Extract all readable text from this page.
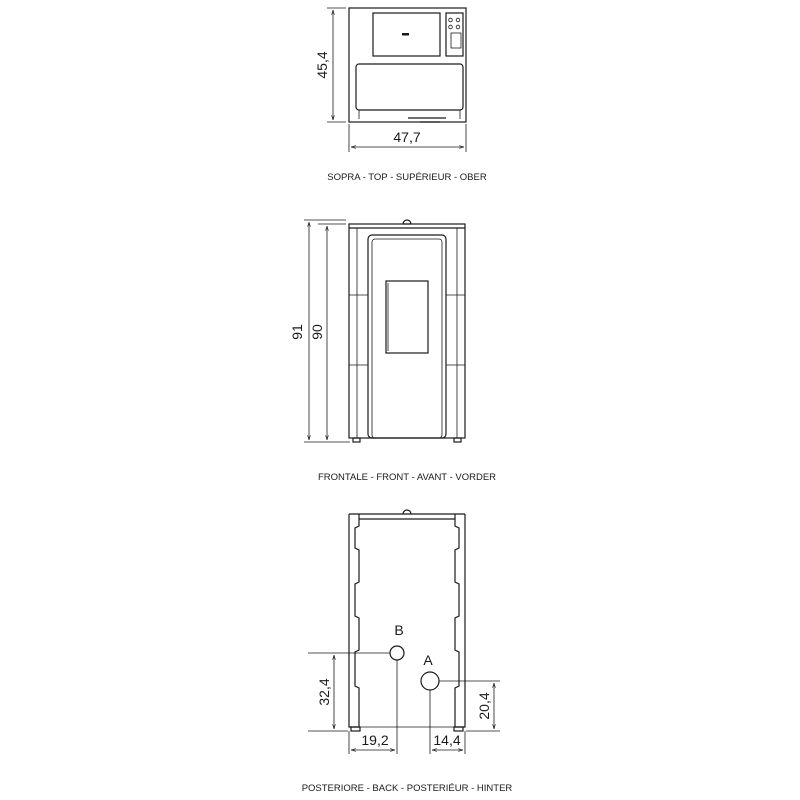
45,4
47,7
SOPRA - TOP - SUPÉRIEUR - OBER
91 90
FRONTALE - FRONT - AVANT - VORDER
B
A
32,4
20,4
19,2	14,4
POSTERIORE - BACK - POSTERIÉUR - HINTER
